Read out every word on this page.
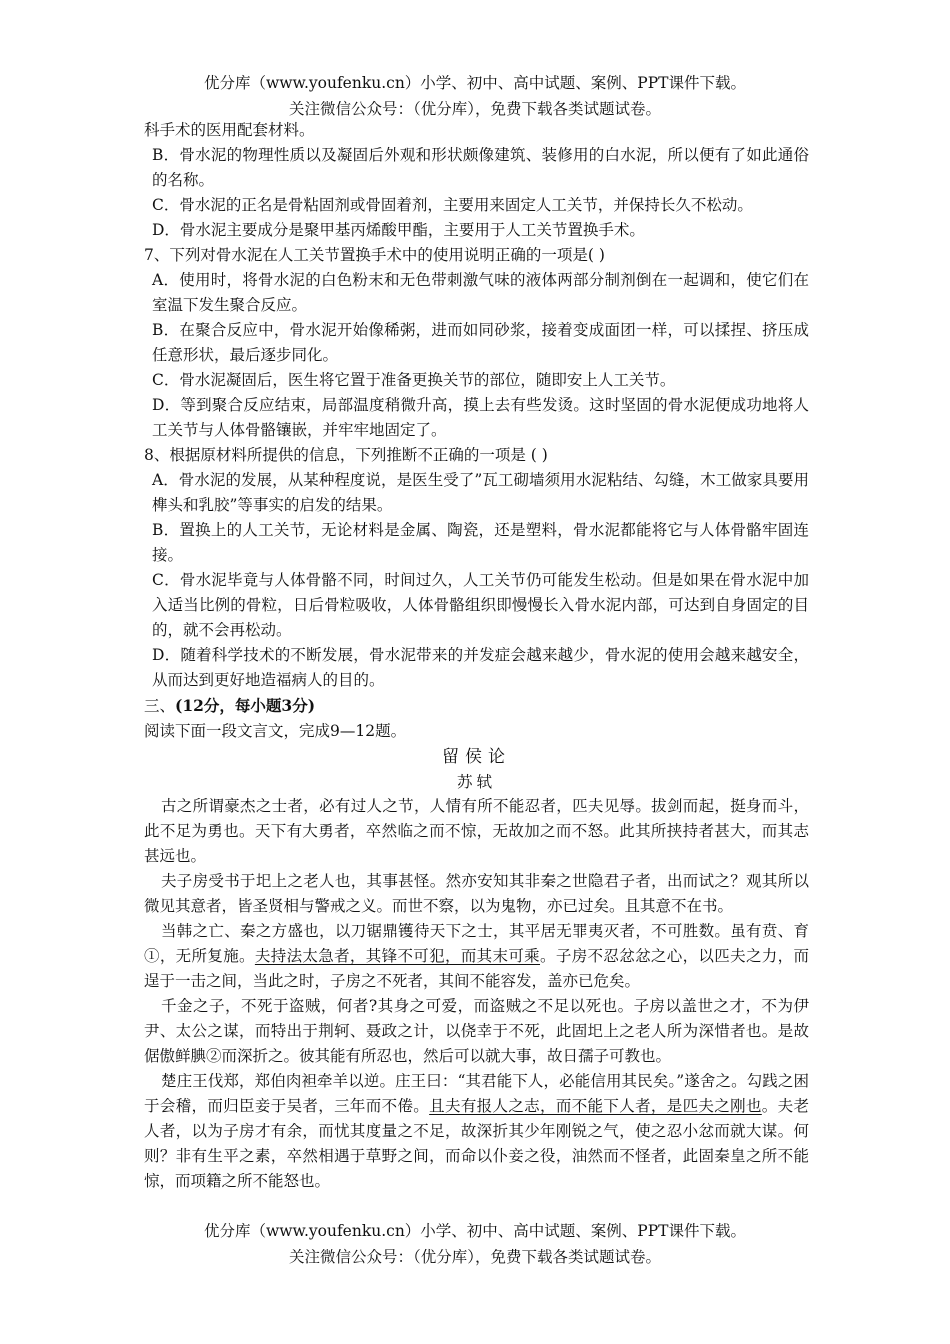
优分库（www.youfenku.cn）小学、初中、高中试题、案例、PPT课件下载。
关注微信公众号：（优分库），免费下载各类试题试卷。

科手术的医用配套材料。

B．骨水泥的物理性质以及凝固后外观和形状颇像建筑、装修用的白水泥，所以便有了如此通俗的名称。

C．骨水泥的正名是骨粘固剂或骨固着剂，主要用来固定人工关节，并保持长久不松动。

D．骨水泥主要成分是聚甲基丙烯酸甲酯，主要用于人工关节置换手术。

7、下列对骨水泥在人工关节置换手术中的使用说明正确的一项是( )

A．使用时，将骨水泥的白色粉末和无色带刺激气味的液体两部分制剂倒在一起调和，使它们在室温下发生聚合反应。

B．在聚合反应中，骨水泥开始像稀粥，进而如同砂浆，接着变成面团一样，可以揉捏、挤压成任意形状，最后逐步同化。

C．骨水泥凝固后，医生将它置于准备更换关节的部位，随即安上人工关节。

D．等到聚合反应结束，局部温度稍微升高，摸上去有些发烫。这时坚固的骨水泥便成功地将人工关节与人体骨骼镶嵌，并牢牢地固定了。

8、根据原材料所提供的信息，下列推断不正确的一项是 ( )

A．骨水泥的发展，从某种程度说，是医生受了”瓦工砌墙须用水泥粘结、勾缝，木工做家具要用榫头和乳胶”等事实的启发的结果。

B．置换上的人工关节，无论材料是金属、陶瓷，还是塑料，骨水泥都能将它与人体骨骼牢固连接。

C．骨水泥毕竟与人体骨骼不同，时间过久，人工关节仍可能发生松动。但是如果在骨水泥中加入适当比例的骨粒，日后骨粒吸收，人体骨骼组织即慢慢长入骨水泥内部，可达到自身固定的目的，就不会再松动。

D．随着科学技术的不断发展，骨水泥带来的并发症会越来越少，骨水泥的使用会越来越安全，从而达到更好地造福病人的目的。

三、(12分，每小题3分)

阅读下面一段文言文，完成9—12题。

留侯论

苏轼

古之所谓豪杰之士者，必有过人之节，人情有所不能忍者，匹夫见辱。拔剑而起，挺身而斗，此不足为勇也。天下有大勇者，卒然临之而不惊，无故加之而不怒。此其所挟持者甚大，而其志甚远也。

夫子房受书于圯上之老人也，其事甚怪。然亦安知其非秦之世隐君子者，出而试之？观其所以微见其意者，皆圣贤相与警戒之义。而世不察，以为鬼物，亦已过矣。且其意不在书。

当韩之亡、秦之方盛也，以刀锯鼎镬待天下之士，其平居无罪夷灭者，不可胜数。虽有贲、育①，无所复施。夫持法太急者，其锋不可犯，而其末可乘。子房不忍忿忿之心，以匹夫之力，而逞于一击之间，当此之时，子房之不死者，其间不能容发，盖亦已危矣。

千金之子，不死于盗贼，何者?其身之可爱，而盗贼之不足以死也。子房以盖世之才，不为伊尹、太公之谋，而特出于荆轲、聂政之计，以侥幸于不死，此固圯上之老人所为深惜者也。是故倨傲鲜腆②而深折之。彼其能有所忍也，然后可以就大事，故日孺子可教也。

楚庄王伐郑，郑伯肉袒牵羊以逆。庄王曰：“其君能下人，必能信用其民矣。”遂舍之。勾践之困于会稽，而归臣妾于吴者，三年而不倦。且夫有报人之志，而不能下人者，是匹夫之刚也。夫老人者，以为子房才有余，而忧其度量之不足，故深折其少年刚锐之气，使之忍小忿而就大谋。何则？非有生平之素，卒然相遇于草野之间，而命以仆妾之役，油然而不怪者，此固秦皇之所不能惊，而项籍之所不能怒也。

优分库（www.youfenku.cn）小学、初中、高中试题、案例、PPT课件下载。
关注微信公众号：（优分库），免费下载各类试题试卷。
